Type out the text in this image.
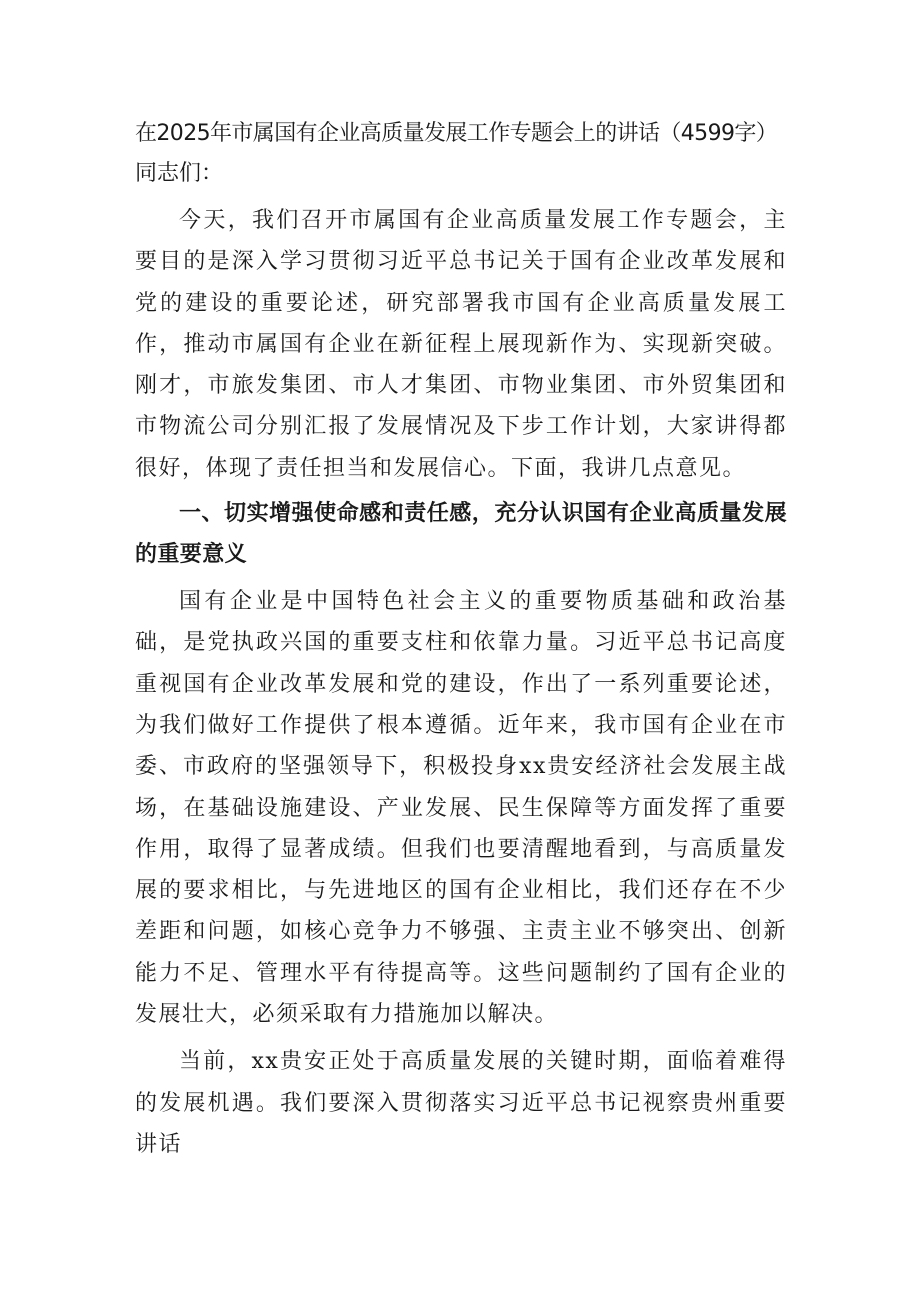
在2025年市属国有企业高质量发展工作专题会上的讲话（4599字）

同志们：

今天，我们召开市属国有企业高质量发展工作专题会，主要目的是深入学习贯彻习近平总书记关于国有企业改革发展和党的建设的重要论述，研究部署我市国有企业高质量发展工作，推动市属国有企业在新征程上展现新作为、实现新突破。刚才，市旅发集团、市人才集团、市物业集团、市外贸集团和市物流公司分别汇报了发展情况及下步工作计划，大家讲得都很好，体现了责任担当和发展信心。下面，我讲几点意见。

一、切实增强使命感和责任感，充分认识国有企业高质量发展的重要意义

国有企业是中国特色社会主义的重要物质基础和政治基础，是党执政兴国的重要支柱和依靠力量。习近平总书记高度重视国有企业改革发展和党的建设，作出了一系列重要论述，为我们做好工作提供了根本遵循。近年来，我市国有企业在市委、市政府的坚强领导下，积极投身xx贵安经济社会发展主战场，在基础设施建设、产业发展、民生保障等方面发挥了重要作用，取得了显著成绩。但我们也要清醒地看到，与高质量发展的要求相比，与先进地区的国有企业相比，我们还存在不少差距和问题，如核心竞争力不够强、主责主业不够突出、创新能力不足、管理水平有待提高等。这些问题制约了国有企业的发展壮大，必须采取有力措施加以解决。

当前，xx贵安正处于高质量发展的关键时期，面临着难得的发展机遇。我们要深入贯彻落实习近平总书记视察贵州重要讲话
